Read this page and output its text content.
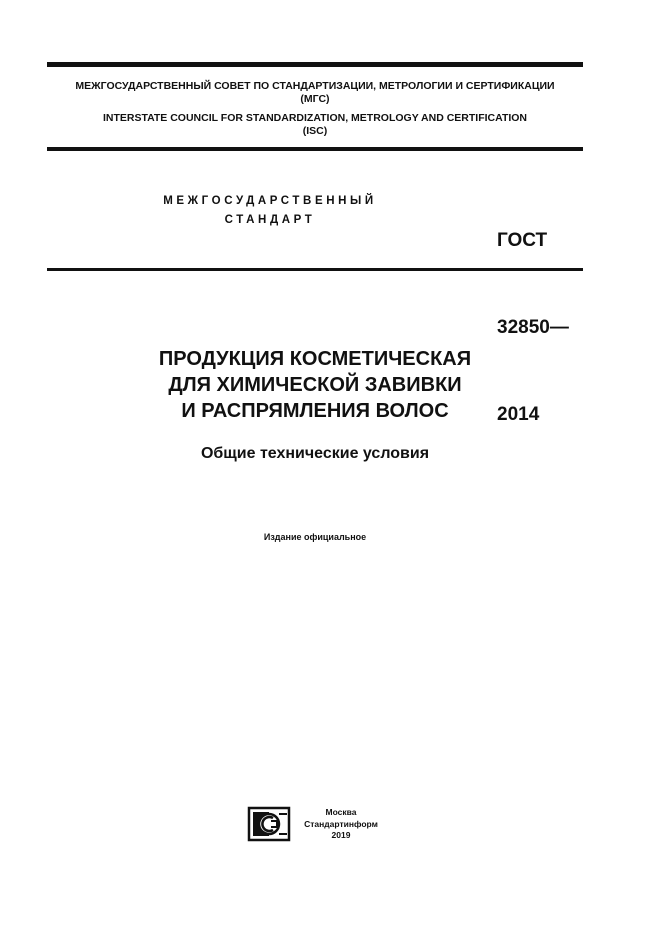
МЕЖГОСУДАРСТВЕННЫЙ СОВЕТ ПО СТАНДАРТИЗАЦИИ, МЕТРОЛОГИИ И СЕРТИФИКАЦИИ
(МГС)
INTERSTATE COUNCIL FOR STANDARDIZATION, METROLOGY AND CERTIFICATION
(ISC)
МЕЖГОСУДАРСТВЕННЫЙ
СТАНДАРТ

ГОСТ

32850—

2014

ПРОДУКЦИЯ КОСМЕТИЧЕСКАЯ
ДЛЯ ХИМИЧЕСКОЙ ЗАВИВКИ
И РАСПРЯМЛЕНИЯ ВОЛОС
Общие технические условия
Издание официальное
Москва
Стандартинформ
2019
